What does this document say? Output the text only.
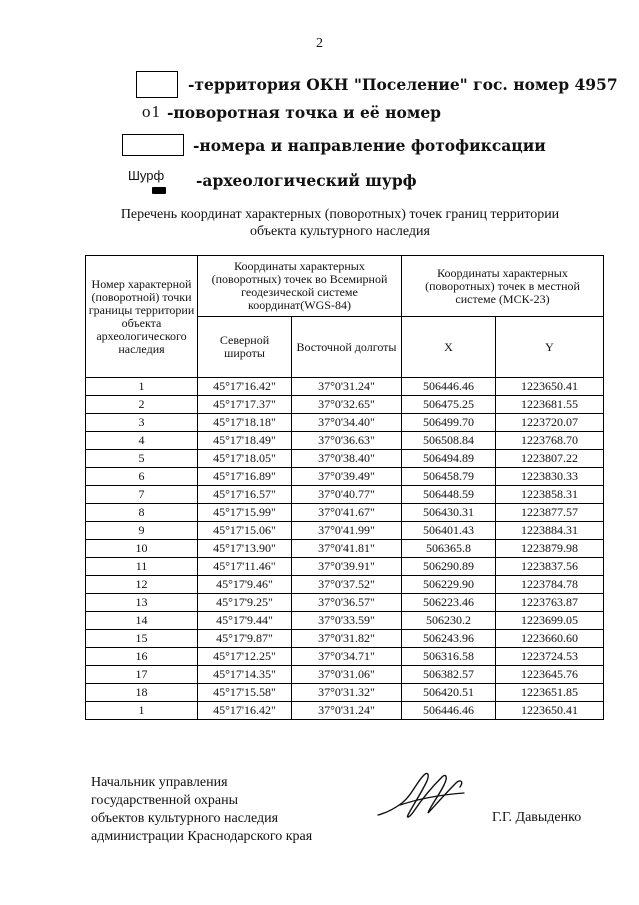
2
-территория ОКН "Поселение" гос. номер 4957
о1 -поворотная точка и её номер
-номера и направление фотофиксации
Шурф -археологический шурф
Перечень координат характерных (поворотных) точек границ территории
объекта культурного наследия
Номер характерной (поворотной) точки границы территории объекта археологического наследия	Координаты характерных (поворотных) точек во Всемирной геодезической системе координат(WGS-84)		Координаты характерных (поворотных) точек в местной системе (МСК-23)	
	Северной широты	Восточной долготы	X	Y
1	45°17'16.42"	37°0'31.24"	506446.46	1223650.41
2	45°17'17.37"	37°0'32.65"	506475.25	1223681.55
3	45°17'18.18"	37°0'34.40"	506499.70	1223720.07
4	45°17'18.49"	37°0'36.63"	506508.84	1223768.70
5	45°17'18.05"	37°0'38.40"	506494.89	1223807.22
6	45°17'16.89"	37°0'39.49"	506458.79	1223830.33
7	45°17'16.57"	37°0'40.77"	506448.59	1223858.31
8	45°17'15.99"	37°0'41.67"	506430.31	1223877.57
9	45°17'15.06"	37°0'41.99"	506401.43	1223884.31
10	45°17'13.90"	37°0'41.81"	506365.8	1223879.98
11	45°17'11.46"	37°0'39.91"	506290.89	1223837.56
12	45°17'9.46"	37°0'37.52"	506229.90	1223784.78
13	45°17'9.25"	37°0'36.57"	506223.46	1223763.87
14	45°17'9.44"	37°0'33.59"	506230.2	1223699.05
15	45°17'9.87"	37°0'31.82"	506243.96	1223660.60
16	45°17'12.25"	37°0'34.71"	506316.58	1223724.53
17	45°17'14.35"	37°0'31.06"	506382.57	1223645.76
18	45°17'15.58"	37°0'31.32"	506420.51	1223651.85
1	45°17'16.42"	37°0'31.24"	506446.46	1223650.41
Начальник управления
государственной охраны
объектов культурного наследия
администрации Краснодарского края
Г.Г. Давыденко
